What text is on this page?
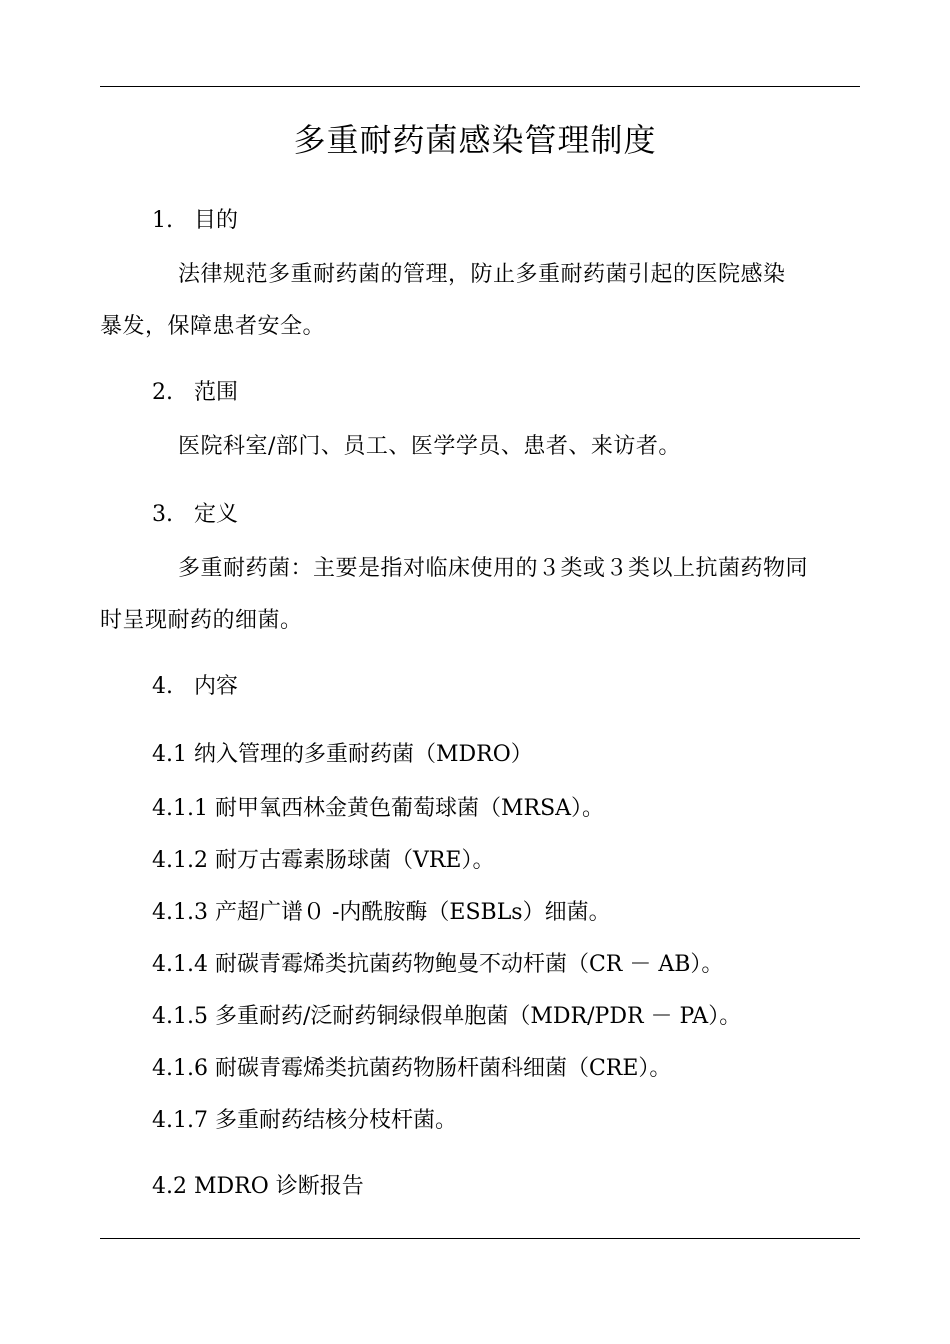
多重耐药菌感染管理制度
1. 目的
法律规范多重耐药菌的管理，防止多重耐药菌引起的医院感染
暴发，保障患者安全。
2. 范围
医院科室/部门、员工、医学学员、患者、来访者。
3. 定义
多重耐药菌：主要是指对临床使用的３类或３类以上抗菌药物同
时呈现耐药的细菌。
4. 内容
4.1 纳入管理的多重耐药菌（MDRO）
4.1.1 耐甲氧西林金黄色葡萄球菌（MRSA）。
4.1.2 耐万古霉素肠球菌（VRE）。
4.1.3 产超广谱０ -内酰胺酶（ESBLs）细菌。
4.1.4 耐碳青霉烯类抗菌药物鲍曼不动杆菌（CR － AB）。
4.1.5 多重耐药/泛耐药铜绿假单胞菌（MDR/PDR － PA）。
4.1.6 耐碳青霉烯类抗菌药物肠杆菌科细菌（CRE）。
4.1.7 多重耐药结核分枝杆菌。
4.2 MDRO 诊断报告
